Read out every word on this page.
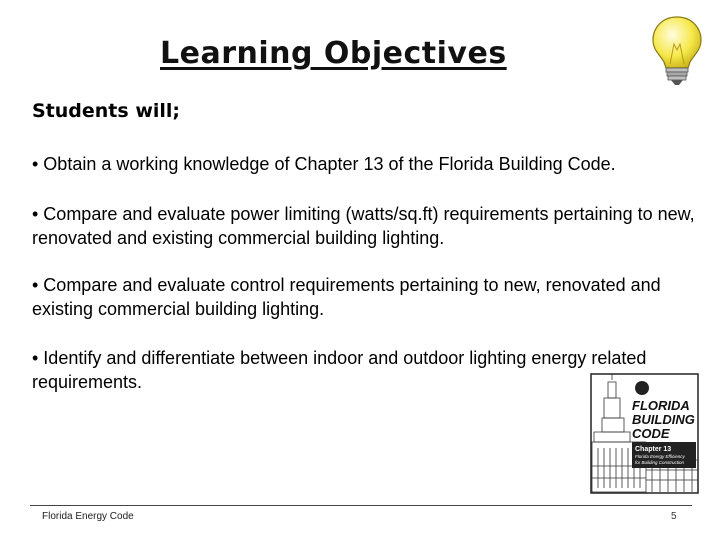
Learning Objectives
Students will;
• Obtain a working knowledge of Chapter 13 of the Florida Building Code.
• Compare and evaluate power limiting (watts/sq.ft) requirements pertaining to new, renovated and existing commercial building lighting.
• Compare and evaluate control requirements pertaining to new, renovated and existing commercial building lighting.
• Identify and differentiate between indoor and outdoor lighting energy related requirements.
FLORIDA
BUILDING
CODE
Chapter 13
Florida Energy Efficiency
for Building Construction
Florida Energy Code	5
